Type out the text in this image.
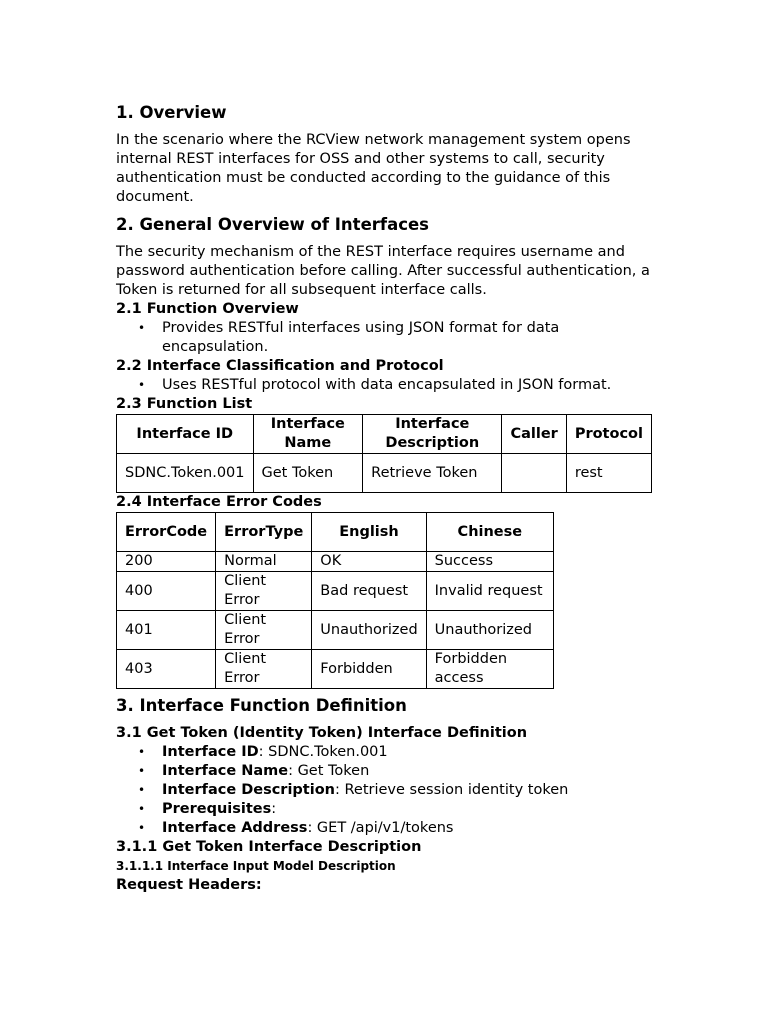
1. Overview

In the scenario where the RCView network management system opens internal REST interfaces for OSS and other systems to call, security authentication must be conducted according to the guidance of this document.

2. General Overview of Interfaces

The security mechanism of the REST interface requires username and password authentication before calling. After successful authentication, a Token is returned for all subsequent interface calls.

2.1 Function Overview
• Provides RESTful interfaces using JSON format for data encapsulation.
2.2 Interface Classification and Protocol
• Uses RESTful protocol with data encapsulated in JSON format.
2.3 Function List
Interface ID	Interface Name	Interface Description	Caller	Protocol
SDNC.Token.001	Get Token	Retrieve Token		rest
2.4 Interface Error Codes
ErrorCode	ErrorType	English	Chinese
200	Normal	OK	Success
400	Client Error	Bad request	Invalid request
401	Client Error	Unauthorized	Unauthorized
403	Client Error	Forbidden	Forbidden access
3. Interface Function Definition
3.1 Get Token (Identity Token) Interface Definition
• Interface ID: SDNC.Token.001
• Interface Name: Get Token
• Interface Description: Retrieve session identity token
• Prerequisites:
• Interface Address: GET /api/v1/tokens
3.1.1 Get Token Interface Description
3.1.1.1 Interface Input Model Description
Request Headers:
